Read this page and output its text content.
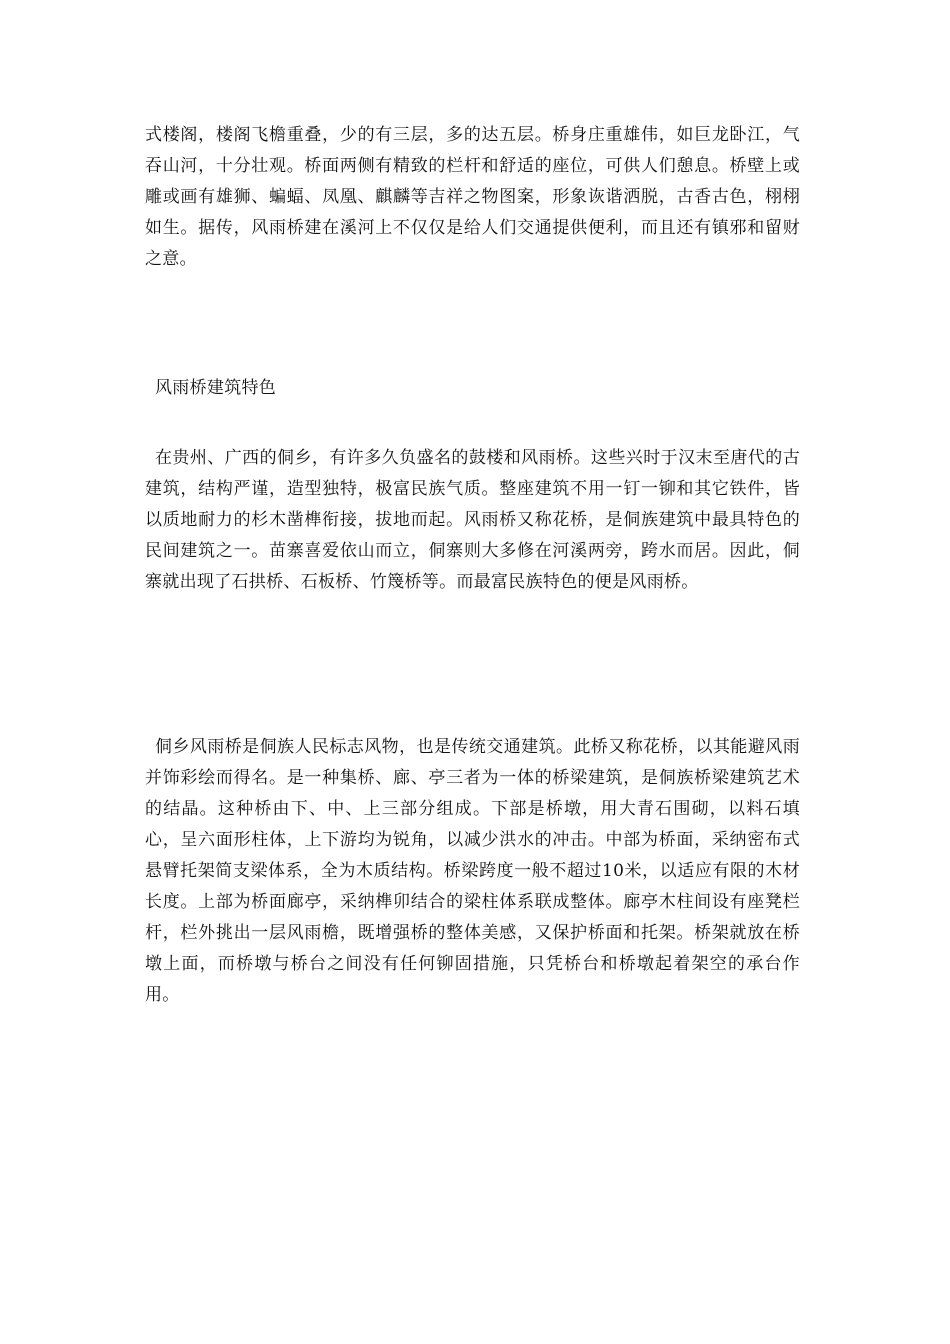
式楼阁，楼阁飞檐重叠，少的有三层，多的达五层。桥身庄重雄伟，如巨龙卧江，气吞山河，十分壮观。桥面两侧有精致的栏杆和舒适的座位，可供人们憩息。桥壁上或雕或画有雄狮、蝙蝠、凤凰、麒麟等吉祥之物图案，形象诙谐洒脱，古香古色，栩栩如生。据传，风雨桥建在溪河上不仅仅是给人们交通提供便利，而且还有镇邪和留财之意。

风雨桥建筑特色

在贵州、广西的侗乡，有许多久负盛名的鼓楼和风雨桥。这些兴时于汉末至唐代的古建筑，结构严谨，造型独特，极富民族气质。整座建筑不用一钉一铆和其它铁件，皆以质地耐力的杉木凿榫衔接，拔地而起。风雨桥又称花桥，是侗族建筑中最具特色的民间建筑之一。苗寨喜爱依山而立，侗寨则大多修在河溪两旁，跨水而居。因此，侗寨就出现了石拱桥、石板桥、竹篾桥等。而最富民族特色的便是风雨桥。

侗乡风雨桥是侗族人民标志风物，也是传统交通建筑。此桥又称花桥，以其能避风雨并饰彩绘而得名。是一种集桥、廊、亭三者为一体的桥梁建筑，是侗族桥梁建筑艺术的结晶。这种桥由下、中、上三部分组成。下部是桥墩，用大青石围砌，以料石填心，呈六面形柱体，上下游均为锐角，以减少洪水的冲击。中部为桥面，采纳密布式悬臂托架简支梁体系，全为木质结构。桥梁跨度一般不超过10米，以适应有限的木材长度。上部为桥面廊亭，采纳榫卯结合的梁柱体系联成整体。廊亭木柱间设有座凳栏杆，栏外挑出一层风雨檐，既增强桥的整体美感，又保护桥面和托架。桥架就放在桥墩上面，而桥墩与桥台之间没有任何铆固措施，只凭桥台和桥墩起着架空的承台作用。
